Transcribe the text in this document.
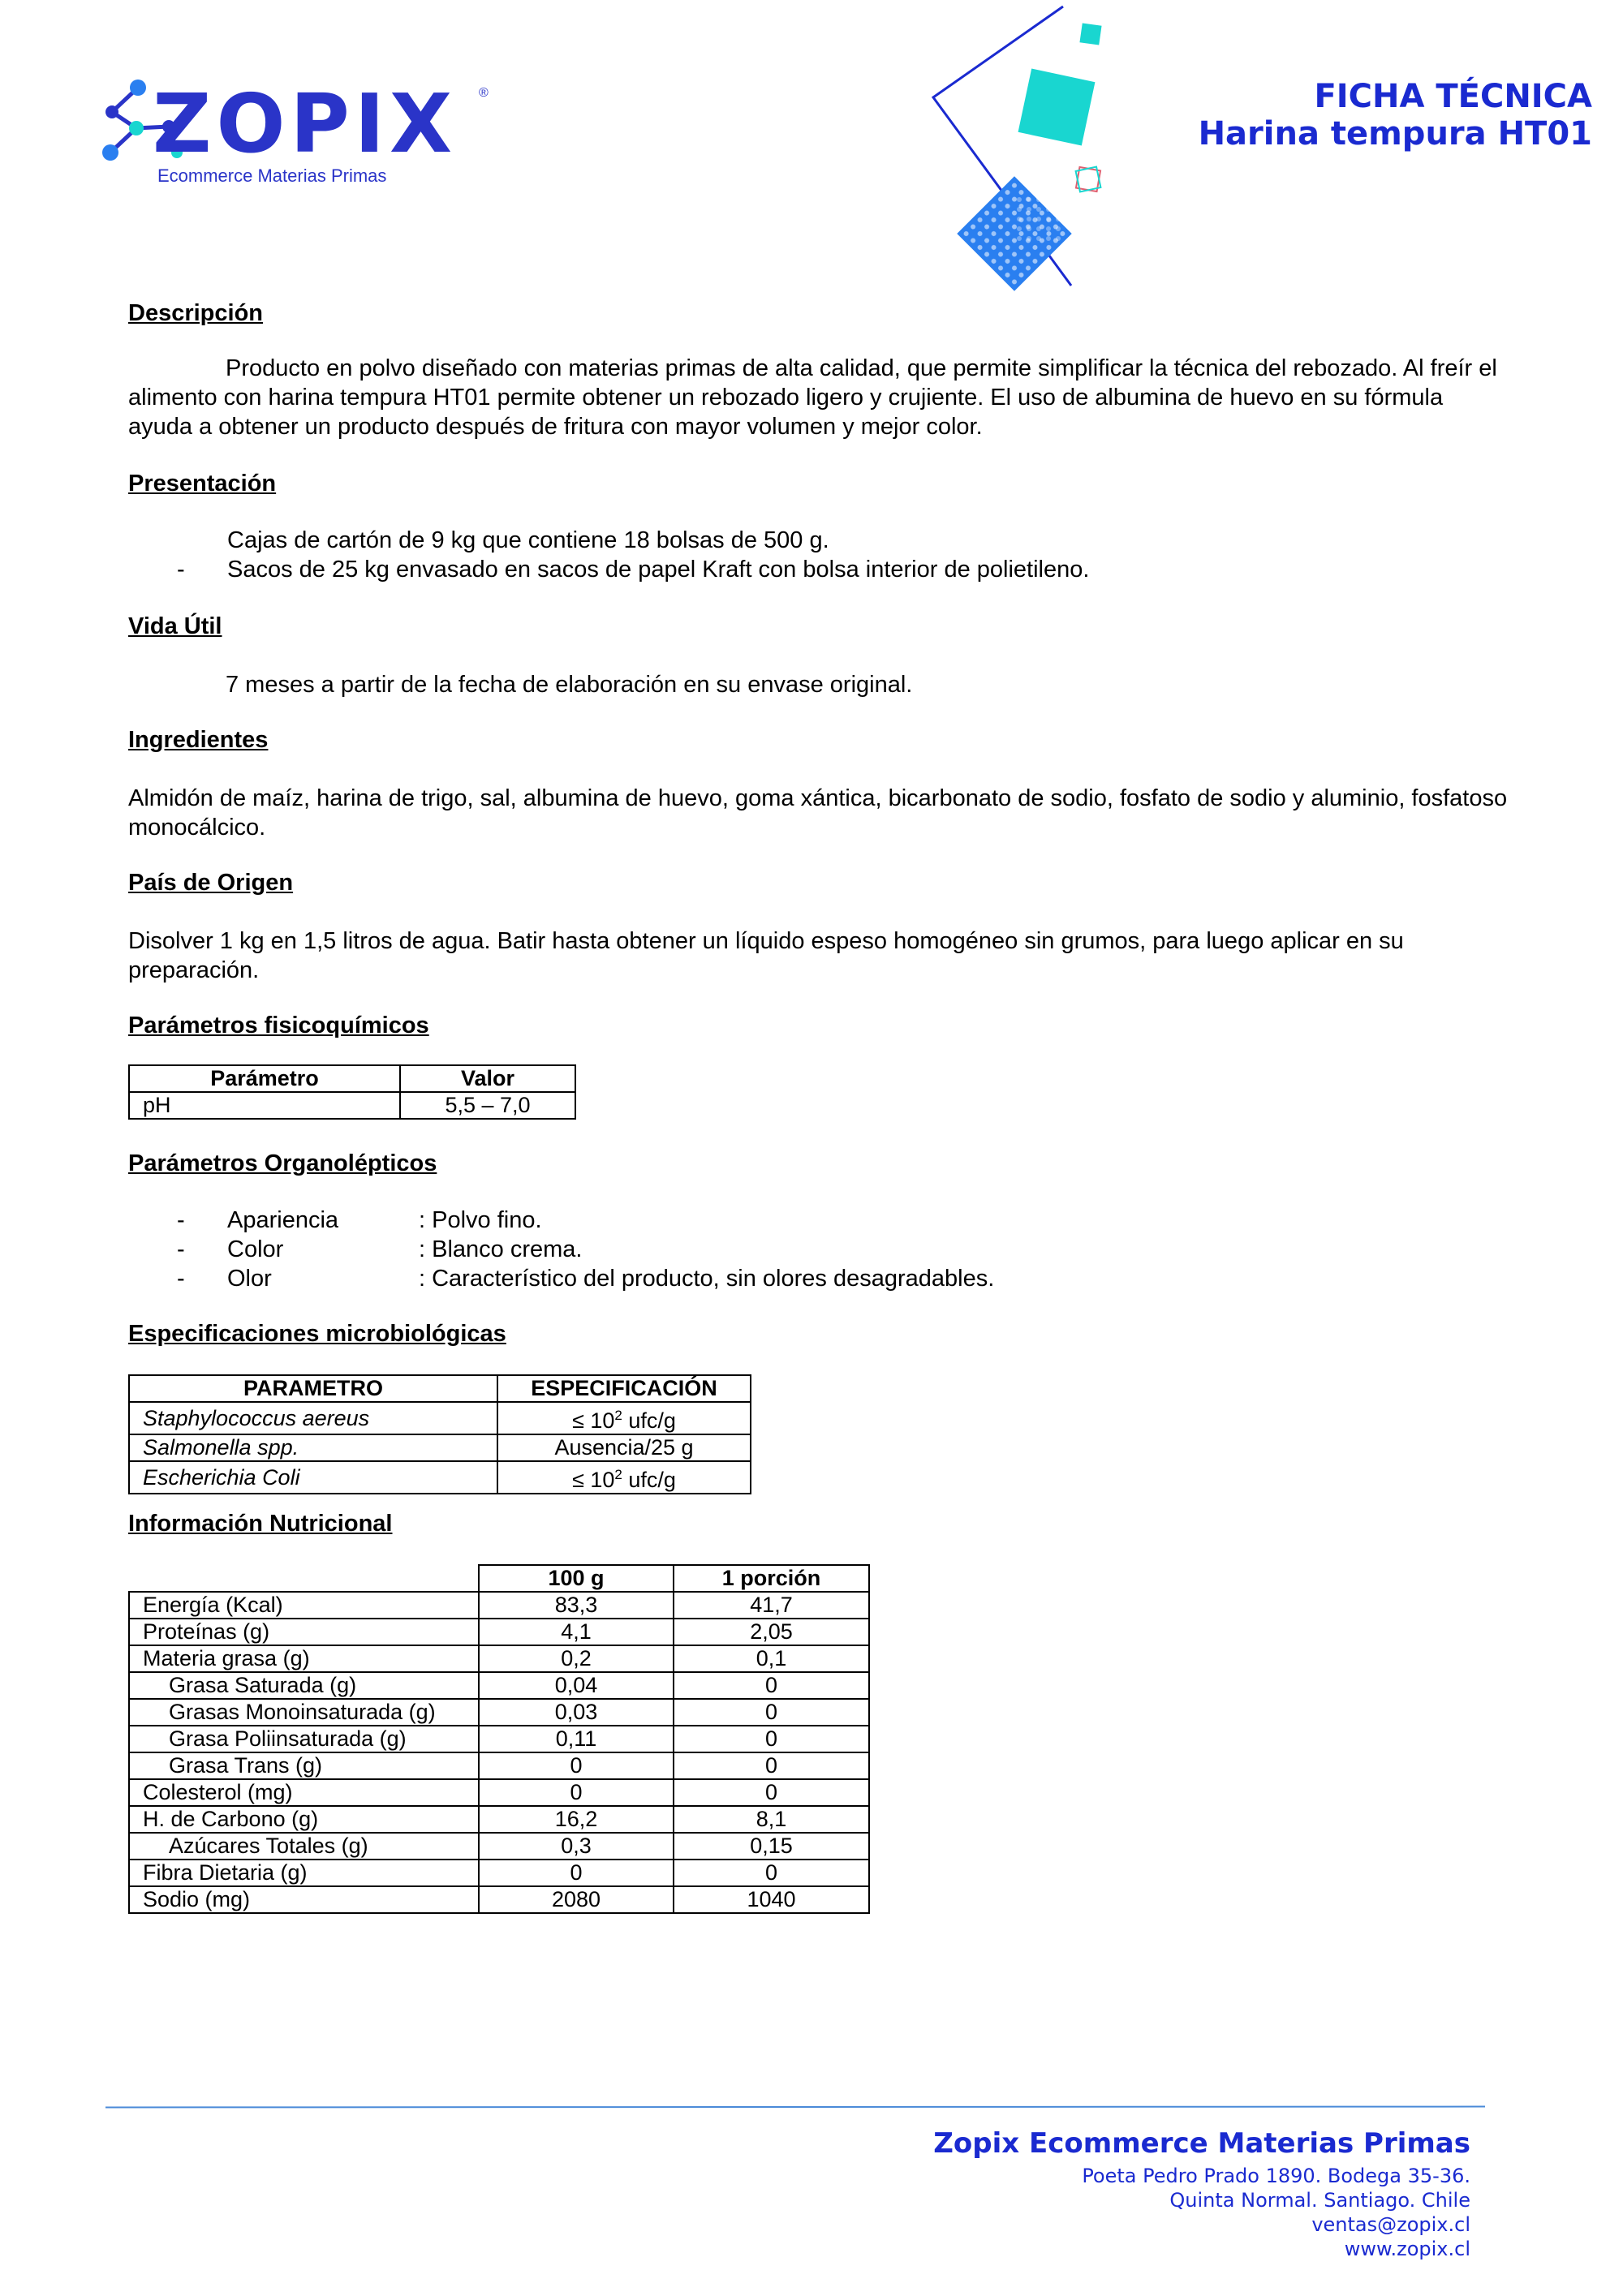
ZOPIX ®
Ecommerce Materias Primas
FICHA TÉCNICA
Harina tempura HT01
Descripción
Producto en polvo diseñado con materias primas de alta calidad, que permite simplificar la técnica del rebozado. Al freír el alimento con harina tempura HT01 permite obtener un rebozado ligero y crujiente. El uso de albumina de huevo en su fórmula ayuda a obtener un producto después de fritura con mayor volumen y mejor color.
Presentación
Cajas de cartón de 9 kg que contiene 18 bolsas de 500 g.
- Sacos de 25 kg envasado en sacos de papel Kraft con bolsa interior de polietileno.
Vida Útil
7 meses a partir de la fecha de elaboración en su envase original.
Ingredientes
Almidón de maíz, harina de trigo, sal, albumina de huevo, goma xántica, bicarbonato de sodio, fosfato de sodio y aluminio, fosfatoso monocálcico.
País de Origen
Disolver 1 kg en 1,5 litros de agua. Batir hasta obtener un líquido espeso homogéneo sin grumos, para luego aplicar en su preparación.
Parámetros fisicoquímicos
Parámetro	Valor
pH	5,5 – 7,0
Parámetros Organolépticos
- Apariencia	: Polvo fino.
- Color	: Blanco crema.
- Olor	: Característico del producto, sin olores desagradables.
Especificaciones microbiológicas
PARAMETRO	ESPECIFICACIÓN
Staphylococcus aereus	≤ $10^2$ ufc/g
Salmonella spp.	Ausencia/25 g
Escherichia Coli	≤ $10^2$ ufc/g
Información Nutricional
	100 g	1 porción
Energía (Kcal)	83,3	41,7
Proteínas (g)	4,1	2,05
Materia grasa (g)	0,2	0,1
Grasa Saturada (g)	0,04	0
Grasas Monoinsaturada (g)	0,03	0
Grasa Poliinsaturada (g)	0,11	0
Grasa Trans (g)	0	0
Colesterol (mg)	0	0
H. de Carbono (g)	16,2	8,1
Azúcares Totales (g)	0,3	0,15
Fibra Dietaria (g)	0	0
Sodio (mg)	2080	1040
Zopix Ecommerce Materias Primas
Poeta Pedro Prado 1890. Bodega 35-36.
Quinta Normal. Santiago. Chile
ventas@zopix.cl
www.zopix.cl
